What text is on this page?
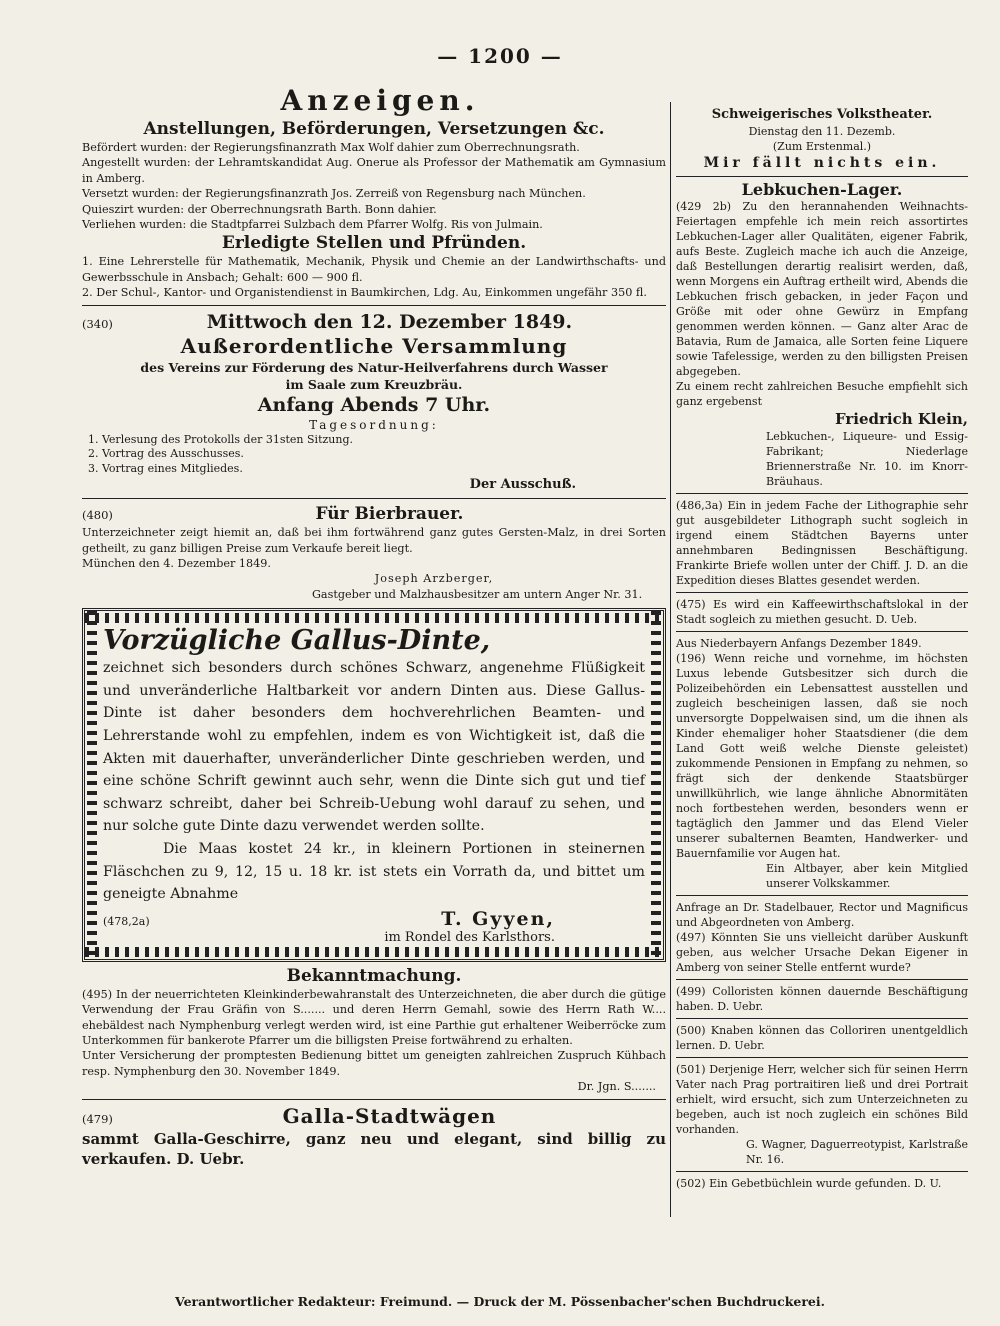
— 1200 —
Anzeigen.
Anstellungen, Beförderungen, Versetzungen &c.

Befördert wurden: der Regierungsfinanzrath Max Wolf dahier zum Oberrechnungsrath.

Angestellt wurden: der Lehramtskandidat Aug. Onerue als Professor der Mathematik am Gymnasium in Amberg.

Versetzt wurden: der Regierungsfinanzrath Jos. Zerreiß von Regensburg nach München.

Quieszirt wurden: der Oberrechnungsrath Barth. Bonn dahier.

Verliehen wurden: die Stadtpfarrei Sulzbach dem Pfarrer Wolfg. Ris von Julmain.

Erledigte Stellen und Pfründen.

1. Eine Lehrerstelle für Mathematik, Mechanik, Physik und Chemie an der Landwirthschafts- und Gewerbsschule in Ansbach; Gehalt: 600 — 900 fl.

2. Der Schul-, Kantor- und Organistendienst in Baumkirchen, Ldg. Au, Einkommen ungefähr 350 fl.

(340)	Mittwoch den 12. Dezember 1849.
Außerordentliche Versammlung
des Vereins zur Förderung des Natur-Heilverfahrens durch Wasser
im Saale zum Kreuzbräu.
Anfang Abends 7 Uhr.
Tagesordnung:
1. Verlesung des Protokolls der 31sten Sitzung.
2. Vortrag des Ausschusses.
3. Vortrag eines Mitgliedes.
Der Ausschuß.
(480)	Für Bierbrauer.

Unterzeichneter zeigt hiemit an, daß bei ihm fortwährend ganz gutes Gersten-Malz, in drei Sorten getheilt, zu ganz billigen Preise zum Verkaufe bereit liegt.

München den 4. Dezember 1849.

Joseph Arzberger,

Gastgeber und Malzhausbesitzer am untern Anger Nr. 31.

Vorzügliche Gallus-Dinte,
zeichnet sich besonders durch schönes Schwarz, angenehme Flüßigkeit und unveränderliche Haltbarkeit vor andern Dinten aus. Diese Gallus-Dinte ist daher besonders dem hochverehrlichen Beamten- und Lehrerstande wohl zu empfehlen, indem es von Wichtigkeit ist, daß die Akten mit dauerhafter, unveränderlicher Dinte geschrieben werden, und eine schöne Schrift gewinnt auch sehr, wenn die Dinte sich gut und tief schwarz schreibt, daher bei Schreib-Uebung wohl darauf zu sehen, und nur solche gute Dinte dazu verwendet werden sollte.
Die Maas kostet 24 kr., in kleinern Portionen in steinernen Fläschchen zu 9, 12, 15 u. 18 kr. ist stets ein Vorrath da, und bittet um geneigte Abnahme
(478,2a)	T. Gyyen,
im Rondel des Karlsthors.
Bekanntmachung.

(495) In der neuerrichteten Kleinkinderbewahranstalt des Unterzeichneten, die aber durch die gütige Verwendung der Frau Gräfin von S....... und deren Herrn Gemahl, sowie des Herrn Rath W.... ehebäldest nach Nymphenburg verlegt werden wird, ist eine Parthie gut erhaltener Weiberröcke zum Unterkommen für bankerote Pfarrer um die billigsten Preise fortwährend zu erhalten.

Unter Versicherung der promptesten Bedienung bittet um geneigten zahlreichen Zuspruch Kühbach resp. Nymphenburg den 30. November 1849.

Dr. Jgn. S.......

(479)	Galla-Stadtwägen
sammt Galla-Geschirre, ganz neu und elegant, sind billig zu verkaufen. D. Uebr.
Schweigerisches Volkstheater.

Dienstag den 11. Dezemb.

(Zum Erstenmal.)

Mir fällt nichts ein.
Lebkuchen-Lager.

(429 2b) Zu den herannahenden Weihnachts-Feiertagen empfehle ich mein reich assortirtes Lebkuchen-Lager aller Qualitäten, eigener Fabrik, aufs Beste. Zugleich mache ich auch die Anzeige, daß Bestellungen derartig realisirt werden, daß, wenn Morgens ein Auftrag ertheilt wird, Abends die Lebkuchen frisch gebacken, in jeder Façon und Größe mit oder ohne Gewürz in Empfang genommen werden können. — Ganz alter Arac de Batavia, Rum de Jamaica, alle Sorten feine Liquere sowie Tafelessige, werden zu den billigsten Preisen abgegeben.

Zu einem recht zahlreichen Besuche empfiehlt sich ganz ergebenst

Friedrich Klein,

Lebkuchen-, Liqueure- und Essig-Fabrikant; Niederlage Briennerstraße Nr. 10. im Knorr-Bräuhaus.

(486,3a) Ein in jedem Fache der Lithographie sehr gut ausgebildeter Lithograph sucht sogleich in irgend einem Städtchen Bayerns unter annehmbaren Bedingnissen Beschäftigung. Frankirte Briefe wollen unter der Chiff. J. D. an die Expedition dieses Blattes gesendet werden.

(475) Es wird ein Kaffeewirthschaftslokal in der Stadt sogleich zu miethen gesucht. D. Ueb.

Aus Niederbayern Anfangs Dezember 1849.

(196) Wenn reiche und vornehme, im höchsten Luxus lebende Gutsbesitzer sich durch die Polizeibehörden ein Lebensattest ausstellen und zugleich bescheinigen lassen, daß sie noch unversorgte Doppelwaisen sind, um die ihnen als Kinder ehemaliger hoher Staatsdiener (die dem Land Gott weiß welche Dienste geleistet) zukommende Pensionen in Empfang zu nehmen, so frägt sich der denkende Staatsbürger unwillkührlich, wie lange ähnliche Abnormitäten noch fortbestehen werden, besonders wenn er tagtäglich den Jammer und das Elend Vieler unserer subalternen Beamten, Handwerker- und Bauernfamilie vor Augen hat.

Ein Altbayer, aber kein Mitglied unserer Volkskammer.

Anfrage an Dr. Stadelbauer, Rector und Magnificus und Abgeordneten von Amberg.

(497) Könnten Sie uns vielleicht darüber Auskunft geben, aus welcher Ursache Dekan Eigener in Amberg von seiner Stelle entfernt wurde?

(499) Colloristen können dauernde Beschäftigung haben. D. Uebr.

(500) Knaben können das Colloriren unentgeldlich lernen. D. Uebr.

(501) Derjenige Herr, welcher sich für seinen Herrn Vater nach Prag portraitiren ließ und drei Portrait erhielt, wird ersucht, sich zum Unterzeichneten zu begeben, auch ist noch zugleich ein schönes Bild vorhanden.

G. Wagner, Daguerreotypist, Karlstraße Nr. 16.

(502) Ein Gebetbüchlein wurde gefunden. D. U.

Verantwortlicher Redakteur: Freimund. — Druck der M. Pössenbacher'schen Buchdruckerei.
